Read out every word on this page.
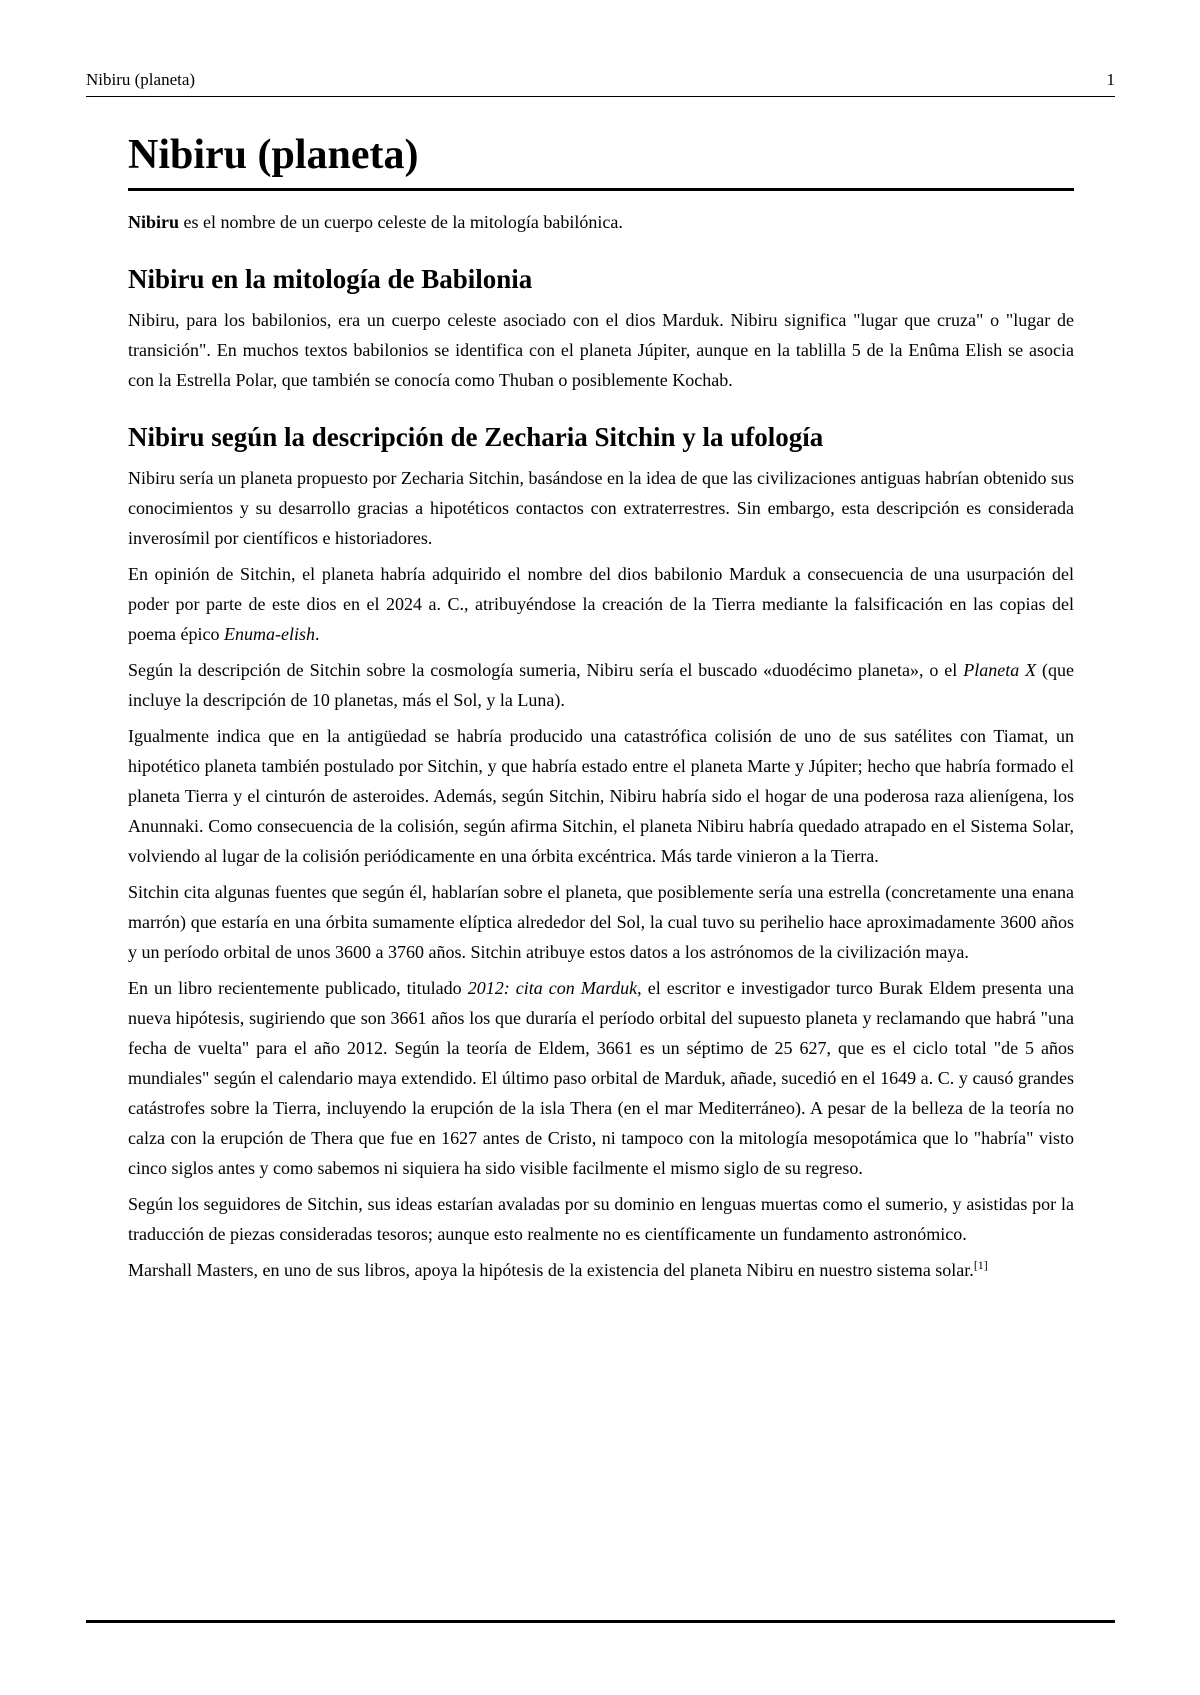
Nibiru (planeta)	1
Nibiru (planeta)

Nibiru es el nombre de un cuerpo celeste de la mitología babilónica.

Nibiru en la mitología de Babilonia

Nibiru, para los babilonios, era un cuerpo celeste asociado con el dios Marduk. Nibiru significa "lugar que cruza" o "lugar de transición". En muchos textos babilonios se identifica con el planeta Júpiter, aunque en la tablilla 5 de la Enûma Elish se asocia con la Estrella Polar, que también se conocía como Thuban o posiblemente Kochab.

Nibiru según la descripción de Zecharia Sitchin y la ufología

Nibiru sería un planeta propuesto por Zecharia Sitchin, basándose en la idea de que las civilizaciones antiguas habrían obtenido sus conocimientos y su desarrollo gracias a hipotéticos contactos con extraterrestres. Sin embargo, esta descripción es considerada inverosímil por científicos e historiadores.

En opinión de Sitchin, el planeta habría adquirido el nombre del dios babilonio Marduk a consecuencia de una usurpación del poder por parte de este dios en el 2024 a. C., atribuyéndose la creación de la Tierra mediante la falsificación en las copias del poema épico Enuma-elish.

Según la descripción de Sitchin sobre la cosmología sumeria, Nibiru sería el buscado «duodécimo planeta», o el Planeta X (que incluye la descripción de 10 planetas, más el Sol, y la Luna).

Igualmente indica que en la antigüedad se habría producido una catastrófica colisión de uno de sus satélites con Tiamat, un hipotético planeta también postulado por Sitchin, y que habría estado entre el planeta Marte y Júpiter; hecho que habría formado el planeta Tierra y el cinturón de asteroides. Además, según Sitchin, Nibiru habría sido el hogar de una poderosa raza alienígena, los Anunnaki. Como consecuencia de la colisión, según afirma Sitchin, el planeta Nibiru habría quedado atrapado en el Sistema Solar, volviendo al lugar de la colisión periódicamente en una órbita excéntrica. Más tarde vinieron a la Tierra.

Sitchin cita algunas fuentes que según él, hablarían sobre el planeta, que posiblemente sería una estrella (concretamente una enana marrón) que estaría en una órbita sumamente elíptica alrededor del Sol, la cual tuvo su perihelio hace aproximadamente 3600 años y un período orbital de unos 3600 a 3760 años. Sitchin atribuye estos datos a los astrónomos de la civilización maya.

En un libro recientemente publicado, titulado 2012: cita con Marduk, el escritor e investigador turco Burak Eldem presenta una nueva hipótesis, sugiriendo que son 3661 años los que duraría el período orbital del supuesto planeta y reclamando que habrá "una fecha de vuelta" para el año 2012. Según la teoría de Eldem, 3661 es un séptimo de 25 627, que es el ciclo total "de 5 años mundiales" según el calendario maya extendido. El último paso orbital de Marduk, añade, sucedió en el 1649 a. C. y causó grandes catástrofes sobre la Tierra, incluyendo la erupción de la isla Thera (en el mar Mediterráneo). A pesar de la belleza de la teoría no calza con la erupción de Thera que fue en 1627 antes de Cristo, ni tampoco con la mitología mesopotámica que lo "habría" visto cinco siglos antes y como sabemos ni siquiera ha sido visible facilmente el mismo siglo de su regreso.

Según los seguidores de Sitchin, sus ideas estarían avaladas por su dominio en lenguas muertas como el sumerio, y asistidas por la traducción de piezas consideradas tesoros; aunque esto realmente no es científicamente un fundamento astronómico.

Marshall Masters, en uno de sus libros, apoya la hipótesis de la existencia del planeta Nibiru en nuestro sistema solar.[1]
